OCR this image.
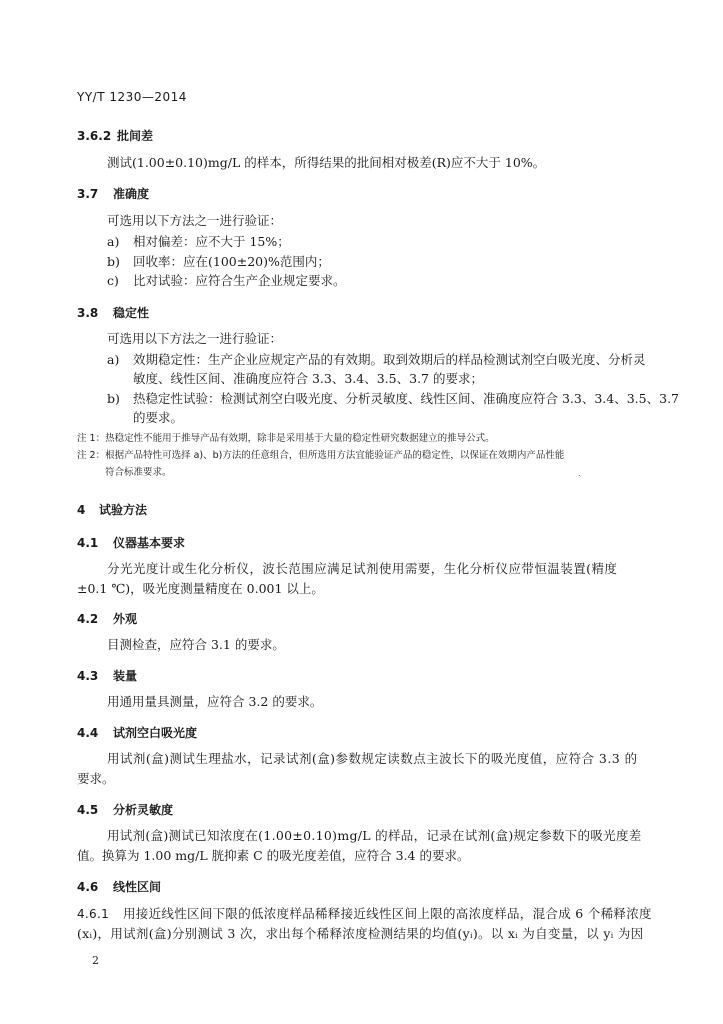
YY/T 1230—2014
3.6.2 批间差
测试(1.00±0.10)mg/L 的样本，所得结果的批间相对极差(R)应不大于 10%。
3.7 准确度
可选用以下方法之一进行验证：
a) 相对偏差：应不大于 15%；
b) 回收率：应在(100±20)%范围内；
c) 比对试验：应符合生产企业规定要求。
3.8 稳定性
可选用以下方法之一进行验证：
a) 效期稳定性：生产企业应规定产品的有效期。取到效期后的样品检测试剂空白吸光度、分析灵
敏度、线性区间、准确度应符合 3.3、3.4、3.5、3.7 的要求；
b) 热稳定性试验：检测试剂空白吸光度、分析灵敏度、线性区间、准确度应符合 3.3、3.4、3.5、3.7
的要求。
注 1：热稳定性不能用于推导产品有效期，除非是采用基于大量的稳定性研究数据建立的推导公式。
注 2：根据产品特性可选择 a)、b)方法的任意组合，但所选用方法宜能验证产品的稳定性，以保证在效期内产品性能
符合标准要求。	ˎ
4 试验方法
4.1 仪器基本要求
分光光度计或生化分析仪，波长范围应满足试剂使用需要，生化分析仪应带恒温装置(精度
±0.1 ℃)，吸光度测量精度在 0.001 以上。
4.2 外观
目测检查，应符合 3.1 的要求。
4.3 装量
用通用量具测量，应符合 3.2 的要求。
4.4 试剂空白吸光度
用试剂(盒)测试生理盐水，记录试剂(盒)参数规定读数点主波长下的吸光度值，应符合 3.3 的
要求。
4.5 分析灵敏度
用试剂(盒)测试已知浓度在(1.00±0.10)mg/L 的样品，记录在试剂(盒)规定参数下的吸光度差
值。换算为 1.00 mg/L 胱抑素 C 的吸光度差值，应符合 3.4 的要求。
4.6 线性区间
4.6.1 用接近线性区间下限的低浓度样品稀释接近线性区间上限的高浓度样品，混合成 6 个稀释浓度
(xᵢ)，用试剂(盒)分别测试 3 次，求出每个稀释浓度检测结果的均值(yᵢ)。以 xᵢ 为自变量，以 yᵢ 为因
2
